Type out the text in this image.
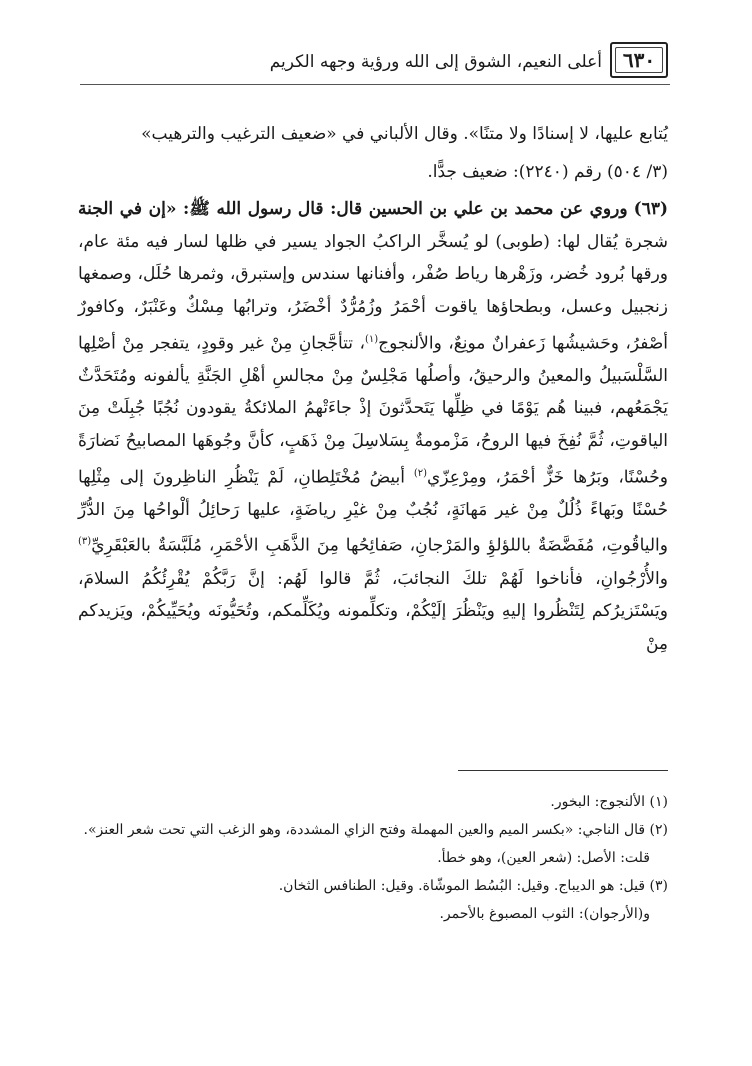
٦٣٠
أعلى النعيم، الشوق إلى الله ورؤية وجهه الكريم

يُتابع عليها، لا إسنادًا ولا متنًا». وقال الألباني في «ضعيف الترغيب والترهيب»

(٣/ ٥٠٤) رقم (٢٢٤٠): ضعيف جدًّا.

(٦٣) وروي عن محمد بن علي بن الحسين قال: قال رسول الله ﷺ: «إن في الجنة شجرة يُقال لها: (طوبى) لو يُسخَّر الراكبُ الجواد يسير في ظلها لسار فيه مئة عام، ورقها بُرود خُضر، وزَهْرها رياط صُفْر، وأفنانها سندس وإستبرق، وثمرها حُلَل، وصمغها زنجبيل وعسل، وبطحاؤها ياقوت أحْمَرُ وزُمُرُّدٌ أخْضَرُ، وترابُها مِسْكٌ وعَنْبَرٌ، وكافورٌ أصْفرُ، وحَشيشُها زَعفرانٌ مونِعٌ، والألنجوج$^{(١)}$، تتأجَّجانِ مِنْ غير وقودٍ، يتفجر مِنْ أصْلِها السَّلْسَبيلُ والمعينُ والرحيقُ، وأصلُها مَجْلِسٌ مِنْ مجالسِ أهْلِ الجَنَّةِ يألفونه ومُتَحَدَّثٌ يَجْمَعُهم، فبينا هُم يَوْمًا في ظِلِّها يَتَحدَّثونَ إذْ جاءَتْهمُ الملائكةُ يقودون نُجُبًا جُبِلَتْ مِنَ الياقوتِ، ثُمَّ نُفِخَ فيها الروحُ، مَزْمومةٌ بِسَلاسِلَ مِنْ ذَهَبٍ، كأنَّ وجُوهَها المصابيحُ نَضارَةً وحُسْنًا، وبَرُها خَزٌّ أحْمَرُ، ومِرْعِزّي$^{(٢)}$ أبيضُ مُخْتَلِطانِ، لَمْ يَنْظُرِ الناظِرونَ إلى مِثْلِها حُسْنًا وبَهاءً ذُلُلٌ مِنْ غير مَهانَةٍ، نُجُبٌ مِنْ غيْرِ رياضَةٍ، عليها رَحائِلُ ألْواحُها مِنَ الدُّرِّ والياقُوتِ، مُفَضَّضَةٌ باللؤلؤِ والمَرْجانِ، صَفائِحُها مِنَ الذَّهَبِ الأحْمَرِ، مُلَبَّسَةٌ بالعَبْقَرِيِّ$^{(٣)}$ والأُرْجُوانِ، فأناخوا لَهُمْ تلكَ النجائبَ، ثُمَّ قالوا لَهُم: إنَّ رَبَّكُمْ يُقْرِئُكُمُ السلامَ، ويَسْتَزيرُكم لِتَنْظُروا إليهِ ويَنْظُرَ إلَيْكُمْ، وتكلِّمونه ويُكَلِّمكم، وتُحَيُّونَه ويُحَيِّيكُمْ، ويَزيدكم مِنْ

(١) الألنجوج: البخور.
(٢) قال الناجي: «بكسر الميم والعين المهملة وفتح الزاي المشددة، وهو الزغب التي تحت شعر العنز».
قلت: الأصل: (شعر العين)، وهو خطأ.
(٣) قيل: هو الديباج. وقيل: البُسُط الموشّاة. وقيل: الطنافس الثخان.
و(الأرجوان): الثوب المصبوغ بالأحمر.
